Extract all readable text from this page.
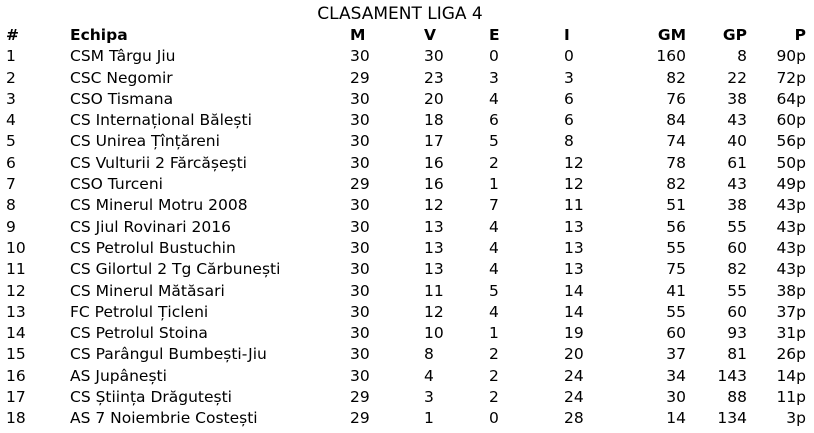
CLASAMENT LIGA 4
#	Echipa	M	V	E	I	GM	GP	P
1	CSM Târgu Jiu	30	30	0	0	160	8	90p
2	CSC Negomir	29	23	3	3	82	22	72p
3	CSO Tismana	30	20	4	6	76	38	64p
4	CS Internațional Bălești	30	18	6	6	84	43	60p
5	CS Unirea Țînțăreni	30	17	5	8	74	40	56p
6	CS Vulturii 2 Fărcășești	30	16	2	12	78	61	50p
7	CSO Turceni	29	16	1	12	82	43	49p
8	CS Minerul Motru 2008	30	12	7	11	51	38	43p
9	CS Jiul Rovinari 2016	30	13	4	13	56	55	43p
10	CS Petrolul Bustuchin	30	13	4	13	55	60	43p
11	CS Gilortul 2 Tg Cărbunești	30	13	4	13	75	82	43p
12	CS Minerul Mătăsari	30	11	5	14	41	55	38p
13	FC Petrolul Țicleni	30	12	4	14	55	60	37p
14	CS Petrolul Stoina	30	10	1	19	60	93	31p
15	CS Parângul Bumbești-Jiu	30	8	2	20	37	81	26p
16	AS Jupânești	30	4	2	24	34	143	14p
17	CS Știința Drăgutești	29	3	2	24	30	88	11p
18	AS 7 Noiembrie Costești	29	1	0	28	14	134	3p
